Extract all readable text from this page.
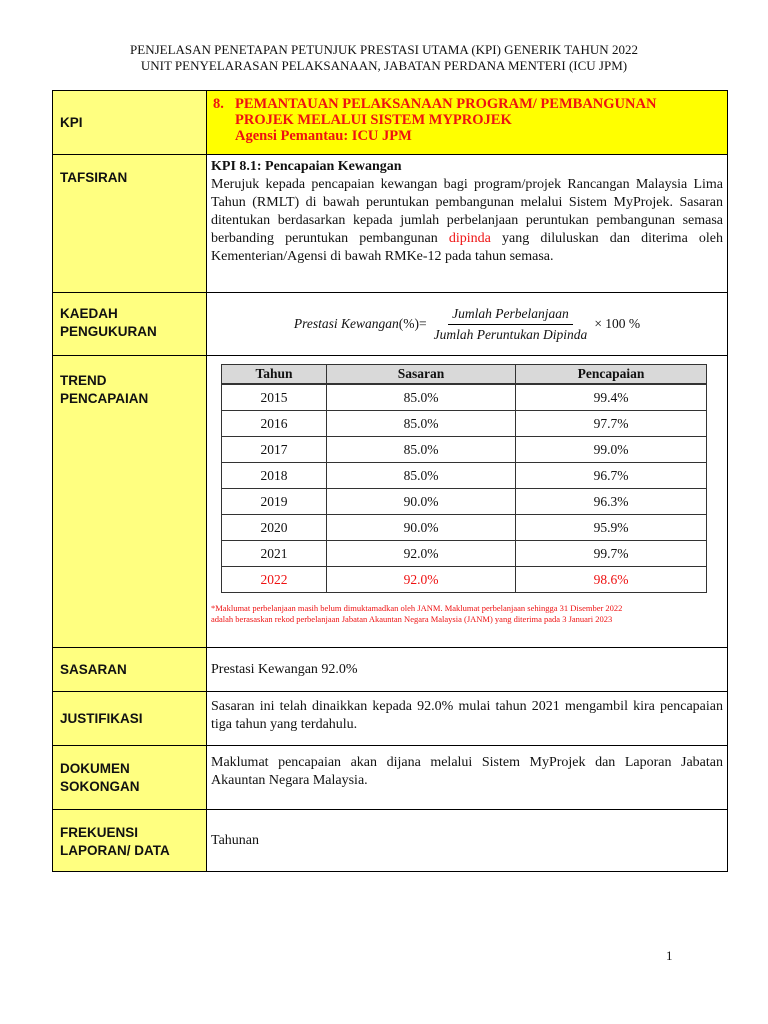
PENJELASAN PENETAPAN PETUNJUK PRESTASI UTAMA (KPI) GENERIK TAHUN 2022
UNIT PENYELARASAN PELAKSANAAN, JABATAN PERDANA MENTERI (ICU JPM)
KPI	
8. PEMANTAUAN PELAKSANAAN PROGRAM/ PEMBANGUNAN
PROJEK MELALUI SISTEM MYPROJEK
Agensi Pemantau: ICU JPM

TAFSIRAN	
KPI 8.1: Pencapaian Kewangan
Merujuk kepada pencapaian kewangan bagi program/projek Rancangan Malaysia Lima Tahun (RMLT) di bawah peruntukan pembangunan melalui Sistem MyProjek. Sasaran ditentukan berdasarkan kepada jumlah perbelanjaan peruntukan pembangunan semasa berbanding peruntukan pembangunan dipinda yang diluluskan dan diterima oleh Kementerian/Agensi di bawah RMKe-12 pada tahun semasa.

KAEDAH
PENGUKURAN

Prestasi Kewangan (%)= $\frac{\text{Jumlah Perbelanjaan}}{\text{Jumlah Peruntukan Dipinda}} \times 100$ %

TREND
PENCAPAIAN

Tahun	Sasaran	Pencapaian
2015	85.0%	99.4%
2016	85.0%	97.7%
2017	85.0%	99.0%
2018	85.0%	96.7%
2019	90.0%	96.3%
2020	90.0%	95.9%
2021	92.0%	99.7%
2022	92.0%	98.6%
*Maklumat perbelanjaan masih belum dimuktamadkan oleh JANM. Maklumat perbelanjaan sehingga 31 Disember 2022
adalah berasaskan rekod perbelanjaan Jabatan Akauntan Negara Malaysia (JANM) yang diterima pada 3 Januari 2023

SASARAN	Prestasi Kewangan 92.0%

JUSTIFIKASI	
Sasaran ini telah dinaikkan kepada 92.0% mulai tahun 2021 mengambil kira pencapaian tiga tahun yang terdahulu.

DOKUMEN
SOKONGAN

Maklumat pencapaian akan dijana melalui Sistem MyProjek dan Laporan Jabatan Akauntan Negara Malaysia.

FREKUENSI
LAPORAN/ DATA

Tahunan
1
